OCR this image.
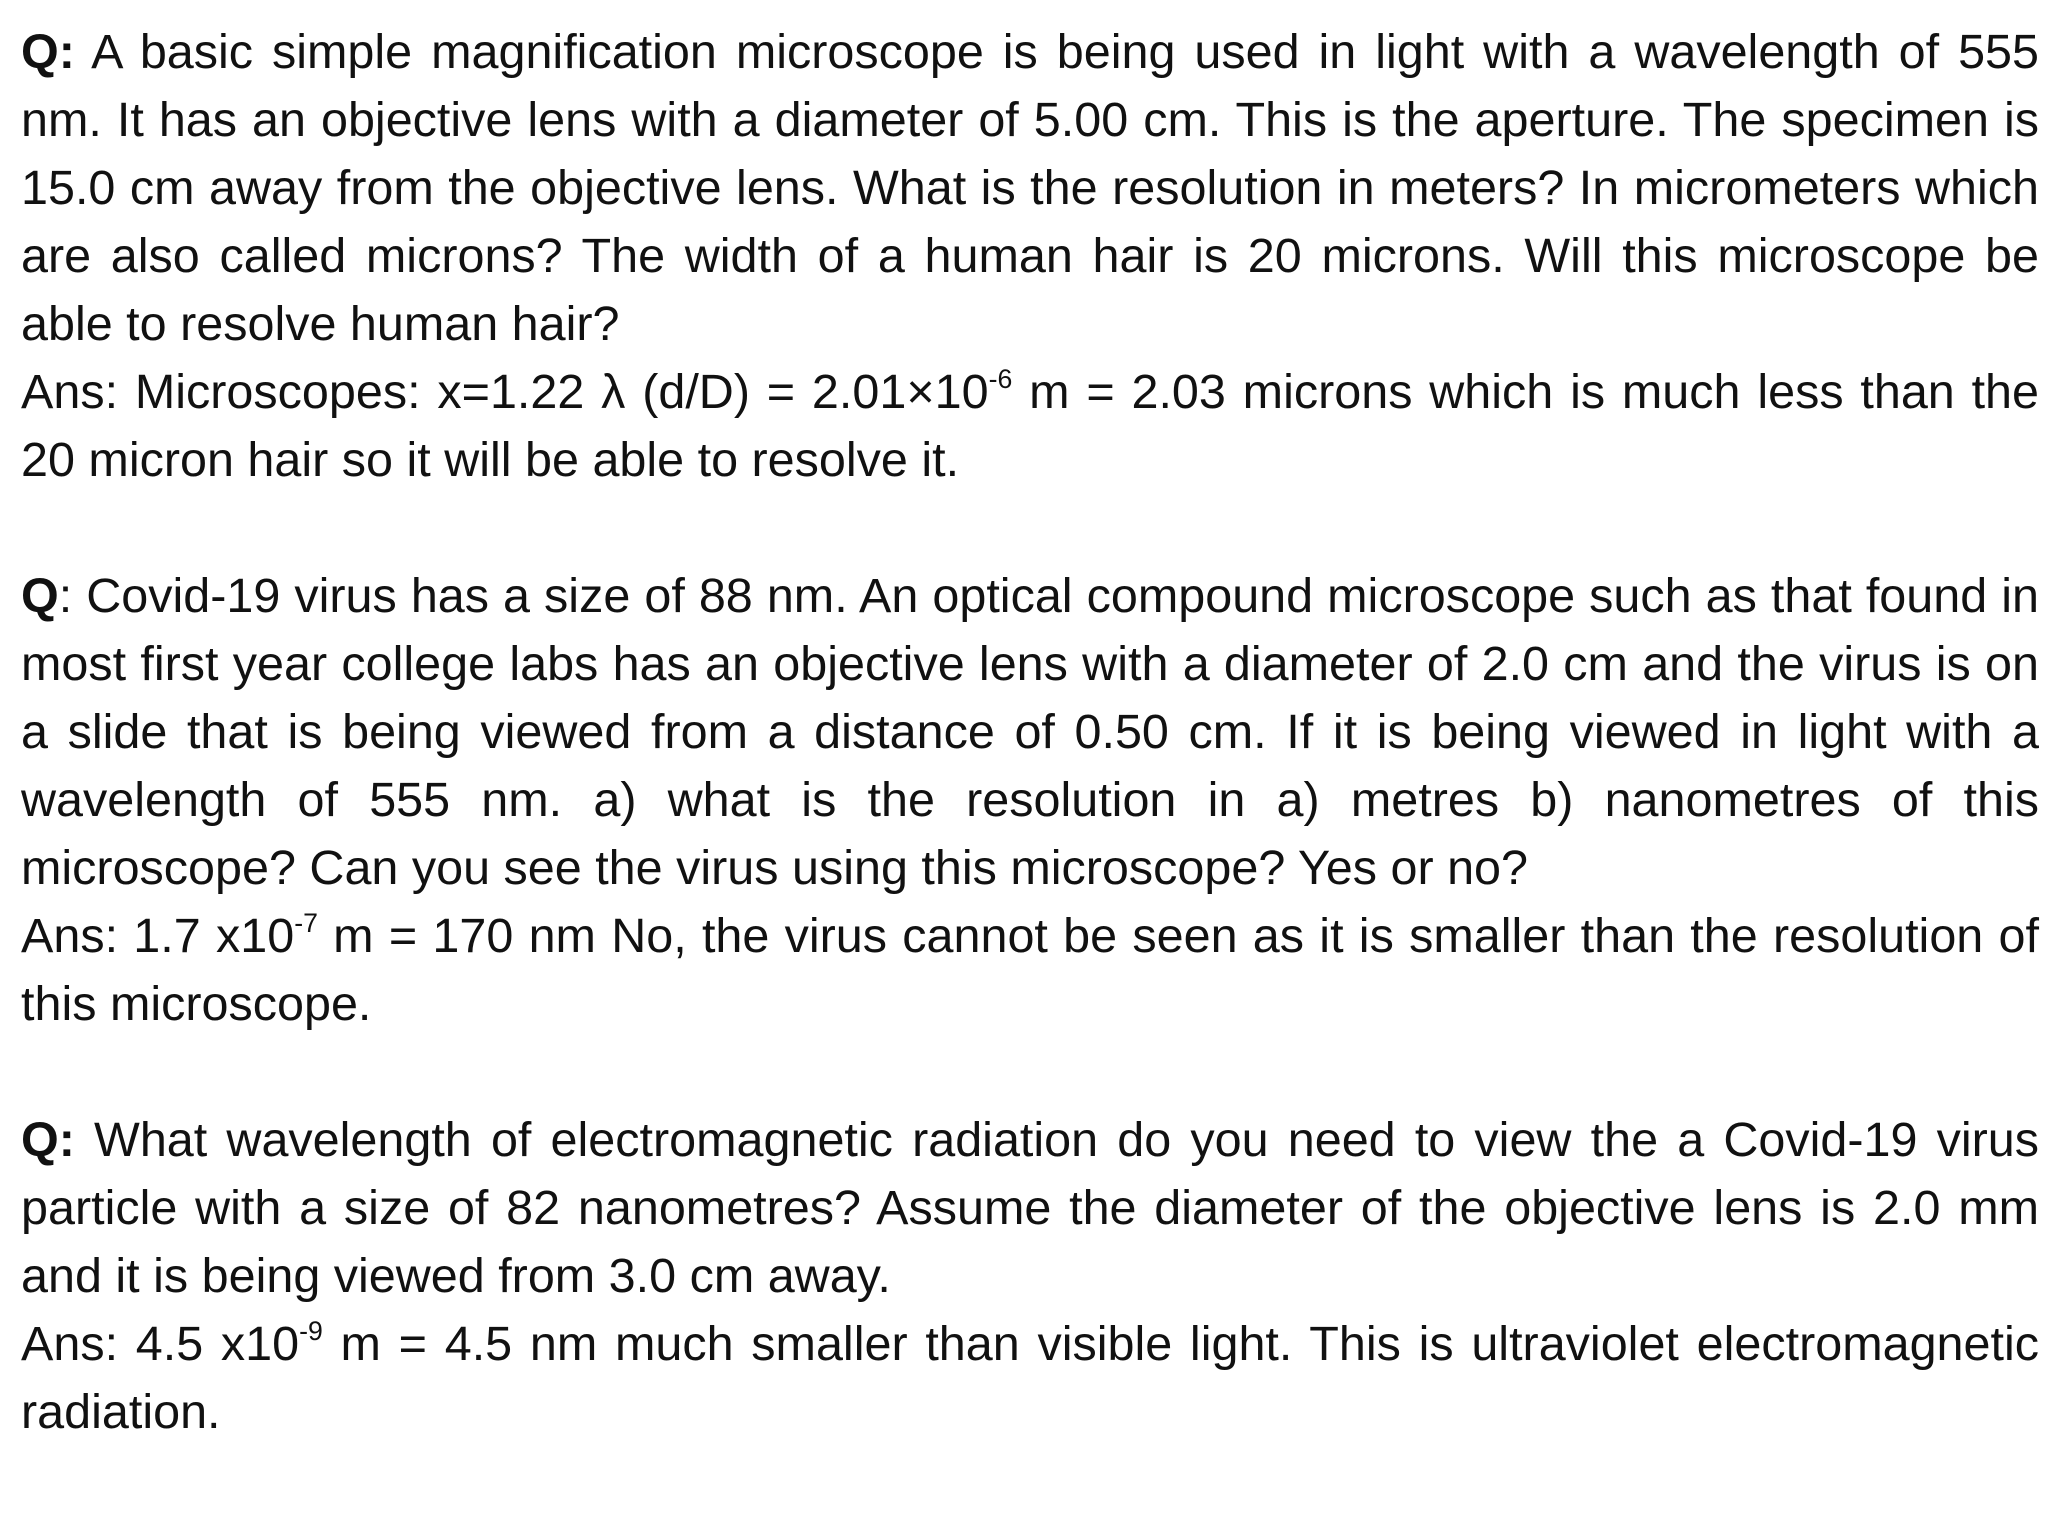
Q: A basic simple magnification microscope is being used in light with a wavelength of 555 nm. It has an objective lens with a diameter of 5.00 cm. This is the aperture. The specimen is 15.0 cm away from the objective lens. What is the resolution in meters? In micrometers which are also called microns? The width of a human hair is 20 microns. Will this microscope be able to resolve human hair?

Ans: Microscopes: x=1.22 λ $(d/D) = 2.01\times 10^{-6}$ m = 2.03 microns which is much less than the 20 micron hair so it will be able to resolve it.

Q: Covid-19 virus has a size of 88 nm. An optical compound microscope such as that found in most first year college labs has an objective lens with a diameter of 2.0 cm and the virus is on a slide that is being viewed from a distance of 0.50 cm. If it is being viewed in light with a wavelength of 555 nm. a) what is the resolution in a) metres b) nanometres of this microscope? Can you see the virus using this microscope? Yes or no?

Ans: 1.7 $x10^{-7}$ m = 170 nm No, the virus cannot be seen as it is smaller than the resolution of this microscope.

Q: What wavelength of electromagnetic radiation do you need to view the a Covid-19 virus particle with a size of 82 nanometres? Assume the diameter of the objective lens is 2.0 mm and it is being viewed from 3.0 cm away.

Ans: 4.5 $x10^{-9}$ m = 4.5 nm much smaller than visible light. This is ultraviolet electromagnetic radiation.
